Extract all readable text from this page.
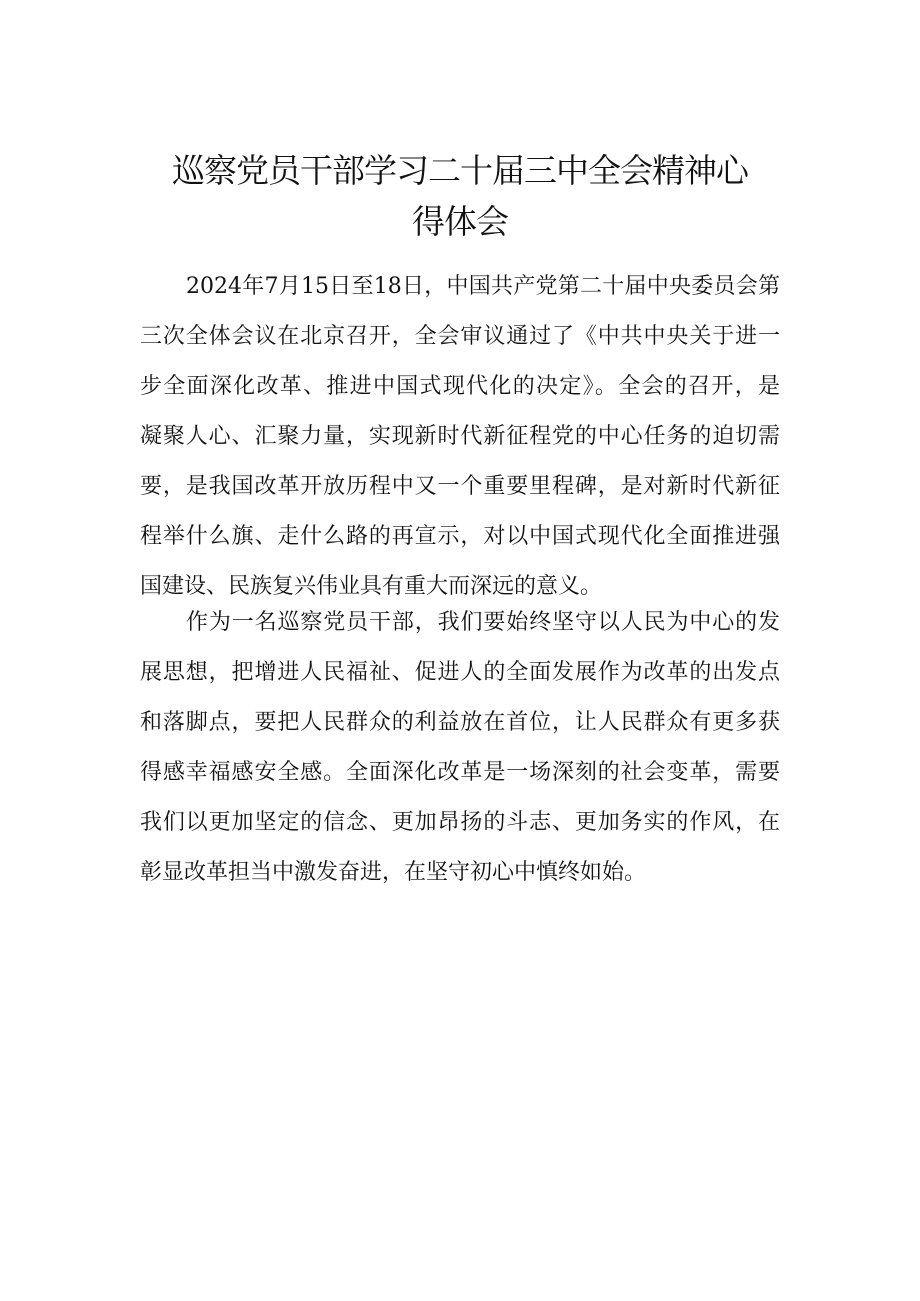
巡察党员干部学习二十届三中全会精神心
得体会
2024年7月15日至18日，中国共产党第二十届中央委员会第
三次全体会议在北京召开，全会审议通过了《中共中央关于进一
步全面深化改革、推进中国式现代化的决定》。全会的召开，是
凝聚人心、汇聚力量，实现新时代新征程党的中心任务的迫切需
要，是我国改革开放历程中又一个重要里程碑，是对新时代新征
程举什么旗、走什么路的再宣示，对以中国式现代化全面推进强
国建设、民族复兴伟业具有重大而深远的意义。
作为一名巡察党员干部，我们要始终坚守以人民为中心的发
展思想，把增进人民福祉、促进人的全面发展作为改革的出发点
和落脚点，要把人民群众的利益放在首位，让人民群众有更多获
得感幸福感安全感。全面深化改革是一场深刻的社会变革，需要
我们以更加坚定的信念、更加昂扬的斗志、更加务实的作风，在
彰显改革担当中激发奋进，在坚守初心中慎终如始。
